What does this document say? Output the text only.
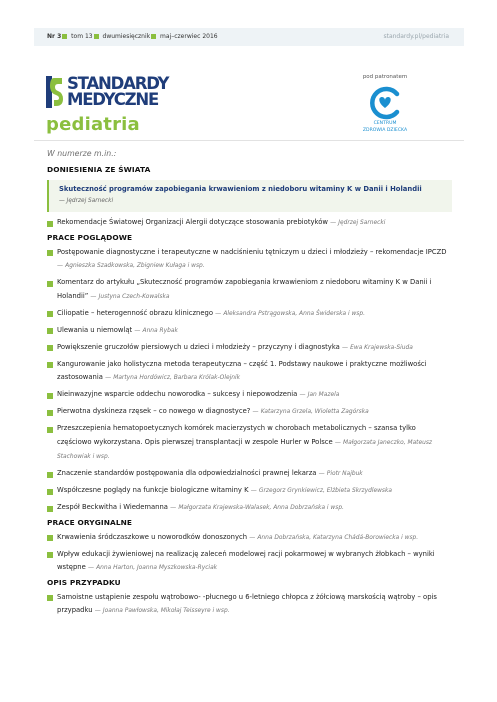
Nr 3 tom 13 dwumiesięcznik maj–czerwiec 2016	standardy.pl/pediatria
STANDARDY
MEDYCZNE
pediatria
pod patronatem
CENTRUM
ZDROWIA DZIECKA
W numerze m.in.:
DONIESIENIA ZE ŚWIATA
Skuteczność programów zapobiegania krwawieniom z niedoboru witaminy K w Danii i Holandii
— Jędrzej Sarnecki
Rekomendacje Światowej Organizacji Alergii dotyczące stosowania prebiotyków — Jędrzej Sarnecki
PRACE POGLĄDOWE
Postępowanie diagnostyczne i terapeutyczne w nadciśnieniu tętniczym u dzieci i młodzieży – rekomendacje IPCZD — Agnieszka Szadkowska, Zbigniew Kułaga i wsp.
Komentarz do artykułu „Skuteczność programów zapobiegania krwawieniom z niedoboru witaminy K w Danii i Holandii” — Justyna Czech-Kowalska
Ciliopatie – heterogenność obrazu klinicznego — Aleksandra Pstrągowska, Anna Świderska i wsp.
Ulewania u niemowląt — Anna Rybak
Powiększenie gruczołów piersiowych u dzieci i młodzieży – przyczyny i diagnostyka — Ewa Krajewska-Siuda
Kangurowanie jako holistyczna metoda terapeutyczna – część 1. Podstawy naukowe i praktyczne możliwości zastosowania — Martyna Hordówicz, Barbara Królak-Olejnik
Nieinwazyjne wsparcie oddechu noworodka – sukcesy i niepowodzenia — Jan Mazela
Pierwotna dyskineza rzęsek – co nowego w diagnostyce? — Katarzyna Grzela, Wioletta Zagórska
Przeszczepienia hematopoetycznych komórek macierzystych w chorobach metabolicznych – szansa tylko częściowo wykorzystana. Opis pierwszej transplantacji w zespole Hurler w Polsce — Małgorzata Janeczko, Mateusz Stachowiak i wsp.
Znaczenie standardów postępowania dla odpowiedzialności prawnej lekarza — Piotr Najbuk
Współczesne poglądy na funkcje biologiczne witaminy K — Grzegorz Grynkiewicz, Elżbieta Skrzydlewska
Zespół Beckwitha i Wiedemanna — Małgorzata Krajewska-Walasek, Anna Dobrzańska i wsp.
PRACE ORYGINALNE
Krwawienia śródczaszkowe u noworodków donoszonych — Anna Dobrzańska, Katarzyna Chádá-Borowiecka i wsp.
Wpływ edukacji żywieniowej na realizację zaleceń modelowej racji pokarmowej w wybranych żłobkach – wyniki wstępne — Anna Harton, Joanna Myszkowska-Ryciak
OPIS PRZYPADKU
Samoistne ustąpienie zespołu wątrobowo- -płucnego u 6-letniego chłopca z żółciową marskością wątroby – opis przypadku — Joanna Pawłowska, Mikołaj Teisseyre i wsp.
